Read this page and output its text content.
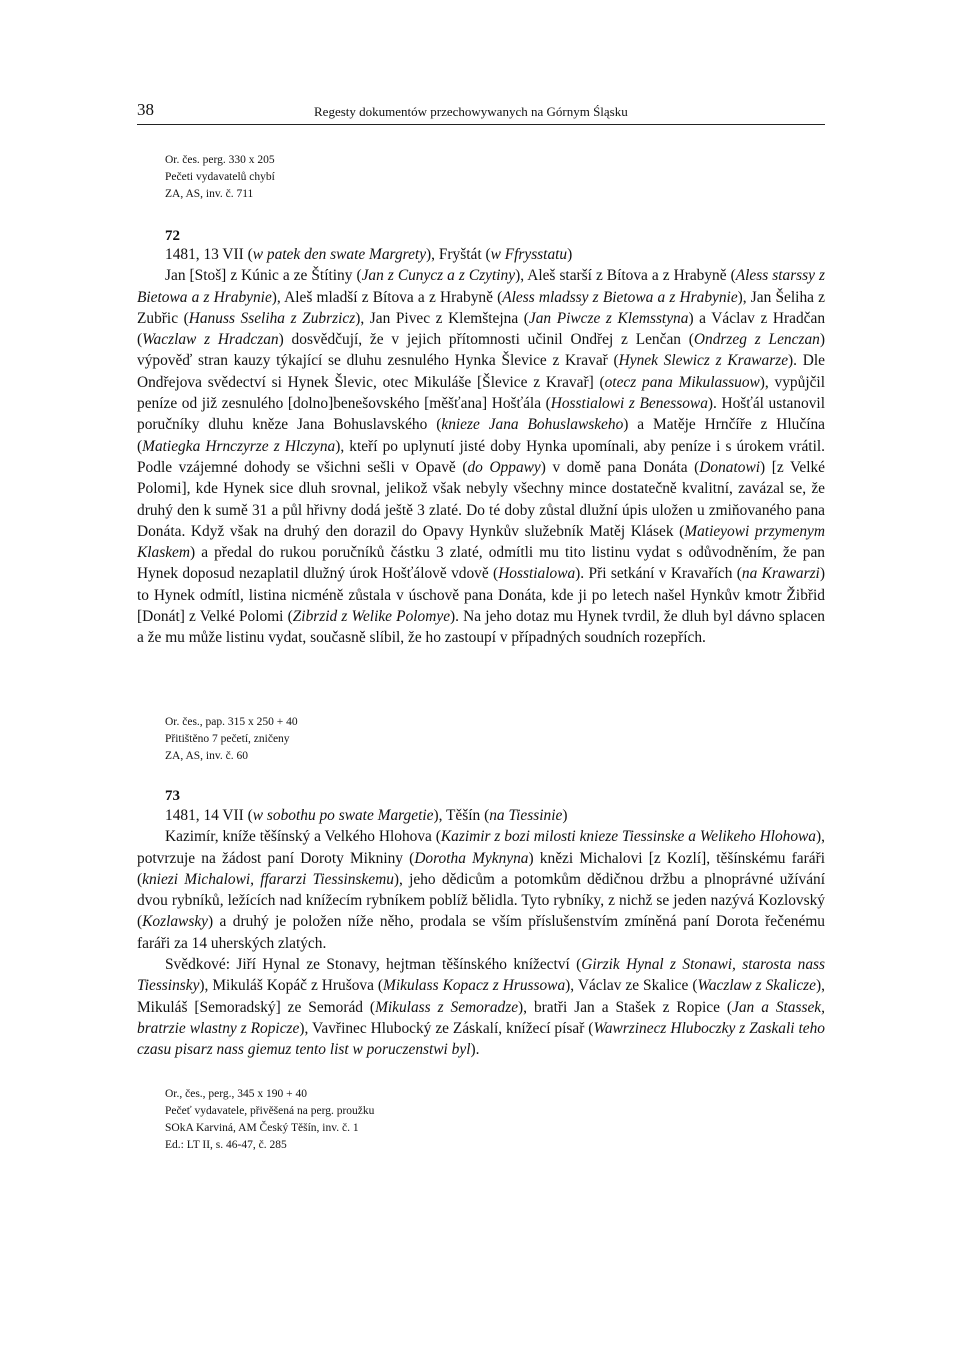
38	Regesty dokumentów przechowywanych na Górnym Śląsku
Or. čes. perg. 330 x 205
Pečeti vydavatelů chybí
ZA, AS, inv. č. 711
72

1481, 13 VII (w patek den swate Margrety), Fryštát (w Ffrysstatu)

Jan [Stoš] z Kúnic a ze Štítiny (Jan z Cunycz a z Czytiny), Aleš starší z Bítova a z Hrabyně (Aless starssy z Bietowa a z Hrabynie), Aleš mladší z Bítova a z Hrabyně (Aless mladssy z Bietowa a z Hrabynie), Jan Šeliha z Zubřic (Hanuss Sseliha z Zubrzicz), Jan Pivec z Klemštejna (Jan Piwcze z Klemsstyna) a Václav z Hradčan (Waczlaw z Hradczan) dosvědčují, že v jejich přítomnosti učinil Ondřej z Lenčan (Ondrzeg z Lenczan) výpověď stran kauzy týkající se dluhu zesnulého Hynka Šlevice z Kravař (Hynek Slewicz z Krawarze). Dle Ondřejova svědectví si Hynek Šlevic, otec Mikuláše [Šlevice z Kravař] (otecz pana Mikulassuow), vypůjčil peníze od již zesnulého [dolno]benešovského [měšťana] Hošťála (Hosstialowi z Benessowa). Hošťál ustanovil poručníky dluhu kněze Jana Bohuslavského (knieze Jana Bohuslawskeho) a Matěje Hrnčíře z Hlučína (Matiegka Hrnczyrze z Hlczyna), kteří po uplynutí jisté doby Hynka upomínali, aby peníze i s úrokem vrátil. Podle vzájemné dohody se všichni sešli v Opavě (do Oppawy) v domě pana Donáta (Donatowi) [z Velké Polomi], kde Hynek sice dluh srovnal, jelikož však nebyly všechny mince dostatečně kvalitní, zavázal se, že druhý den k sumě 31 a půl hřivny dodá ještě 3 zlaté. Do té doby zůstal dlužní úpis uložen u zmiňovaného pana Donáta. Když však na druhý den dorazil do Opavy Hynkův služebník Matěj Klásek (Matieyowi przymenym Klaskem) a předal do rukou poručníků částku 3 zlaté, odmítli mu tito listinu vydat s odůvodněním, že pan Hynek doposud nezaplatil dlužný úrok Hošťálově vdově (Hosstialowa). Při setkání v Kravařích (na Krawarzi) to Hynek odmítl, listina nicméně zůstala v úschově pana Donáta, kde ji po letech našel Hynkův kmotr Žibřid [Donát] z Velké Polomi (Zibrzid z Welike Polomye). Na jeho dotaz mu Hynek tvrdil, že dluh byl dávno splacen a že mu může listinu vydat, současně slíbil, že ho zastoupí v případných soudních rozepřích.

Or. čes., pap. 315 x 250 + 40
Přitištěno 7 pečetí, zničeny
ZA, AS, inv. č. 60
73

1481, 14 VII (w sobothu po swate Margetie), Těšín (na Tiessinie)

Kazimír, kníže těšínský a Velkého Hlohova (Kazimir z bozi milosti knieze Tiessinske a Welikeho Hlohowa), potvrzuje na žádost paní Doroty Mikniny (Dorotha Myknyna) knězi Michalovi [z Kozlí], těšínskému faráři (kniezi Michalowi, ffararzi Tiessinskemu), jeho dědicům a potomkům dědičnou držbu a plnoprávné užívání dvou rybníků, ležících nad knížecím rybníkem poblíž bělidla. Tyto rybníky, z nichž se jeden nazývá Kozlovský (Kozlawsky) a druhý je položen níže něho, prodala se vším příslušenstvím zmíněná paní Dorota řečenému faráři za 14 uherských zlatých.

Svědkové: Jiří Hynal ze Stonavy, hejtman těšínského knížectví (Girzik Hynal z Stonawi, starosta nass Tiessinsky), Mikuláš Kopáč z Hrušova (Mikulass Kopacz z Hrussowa), Václav ze Skalice (Waczlaw z Skalicze), Mikuláš [Semoradský] ze Semorád (Mikulass z Semoradze), bratři Jan a Stašek z Ropice (Jan a Stassek, bratrzie wlastny z Ropicze), Vavřinec Hlubocký ze Záskalí, knížecí písař (Wawrzinecz Hluboczky z Zaskali teho czasu pisarz nass giemuz tento list w poruczenstwi byl).

Or., čes., perg., 345 x 190 + 40
Pečeť vydavatele, přivěšená na perg. proužku
SOkA Karviná, AM Český Těšín, inv. č. 1
Ed.: LT II, s. 46-47, č. 285
